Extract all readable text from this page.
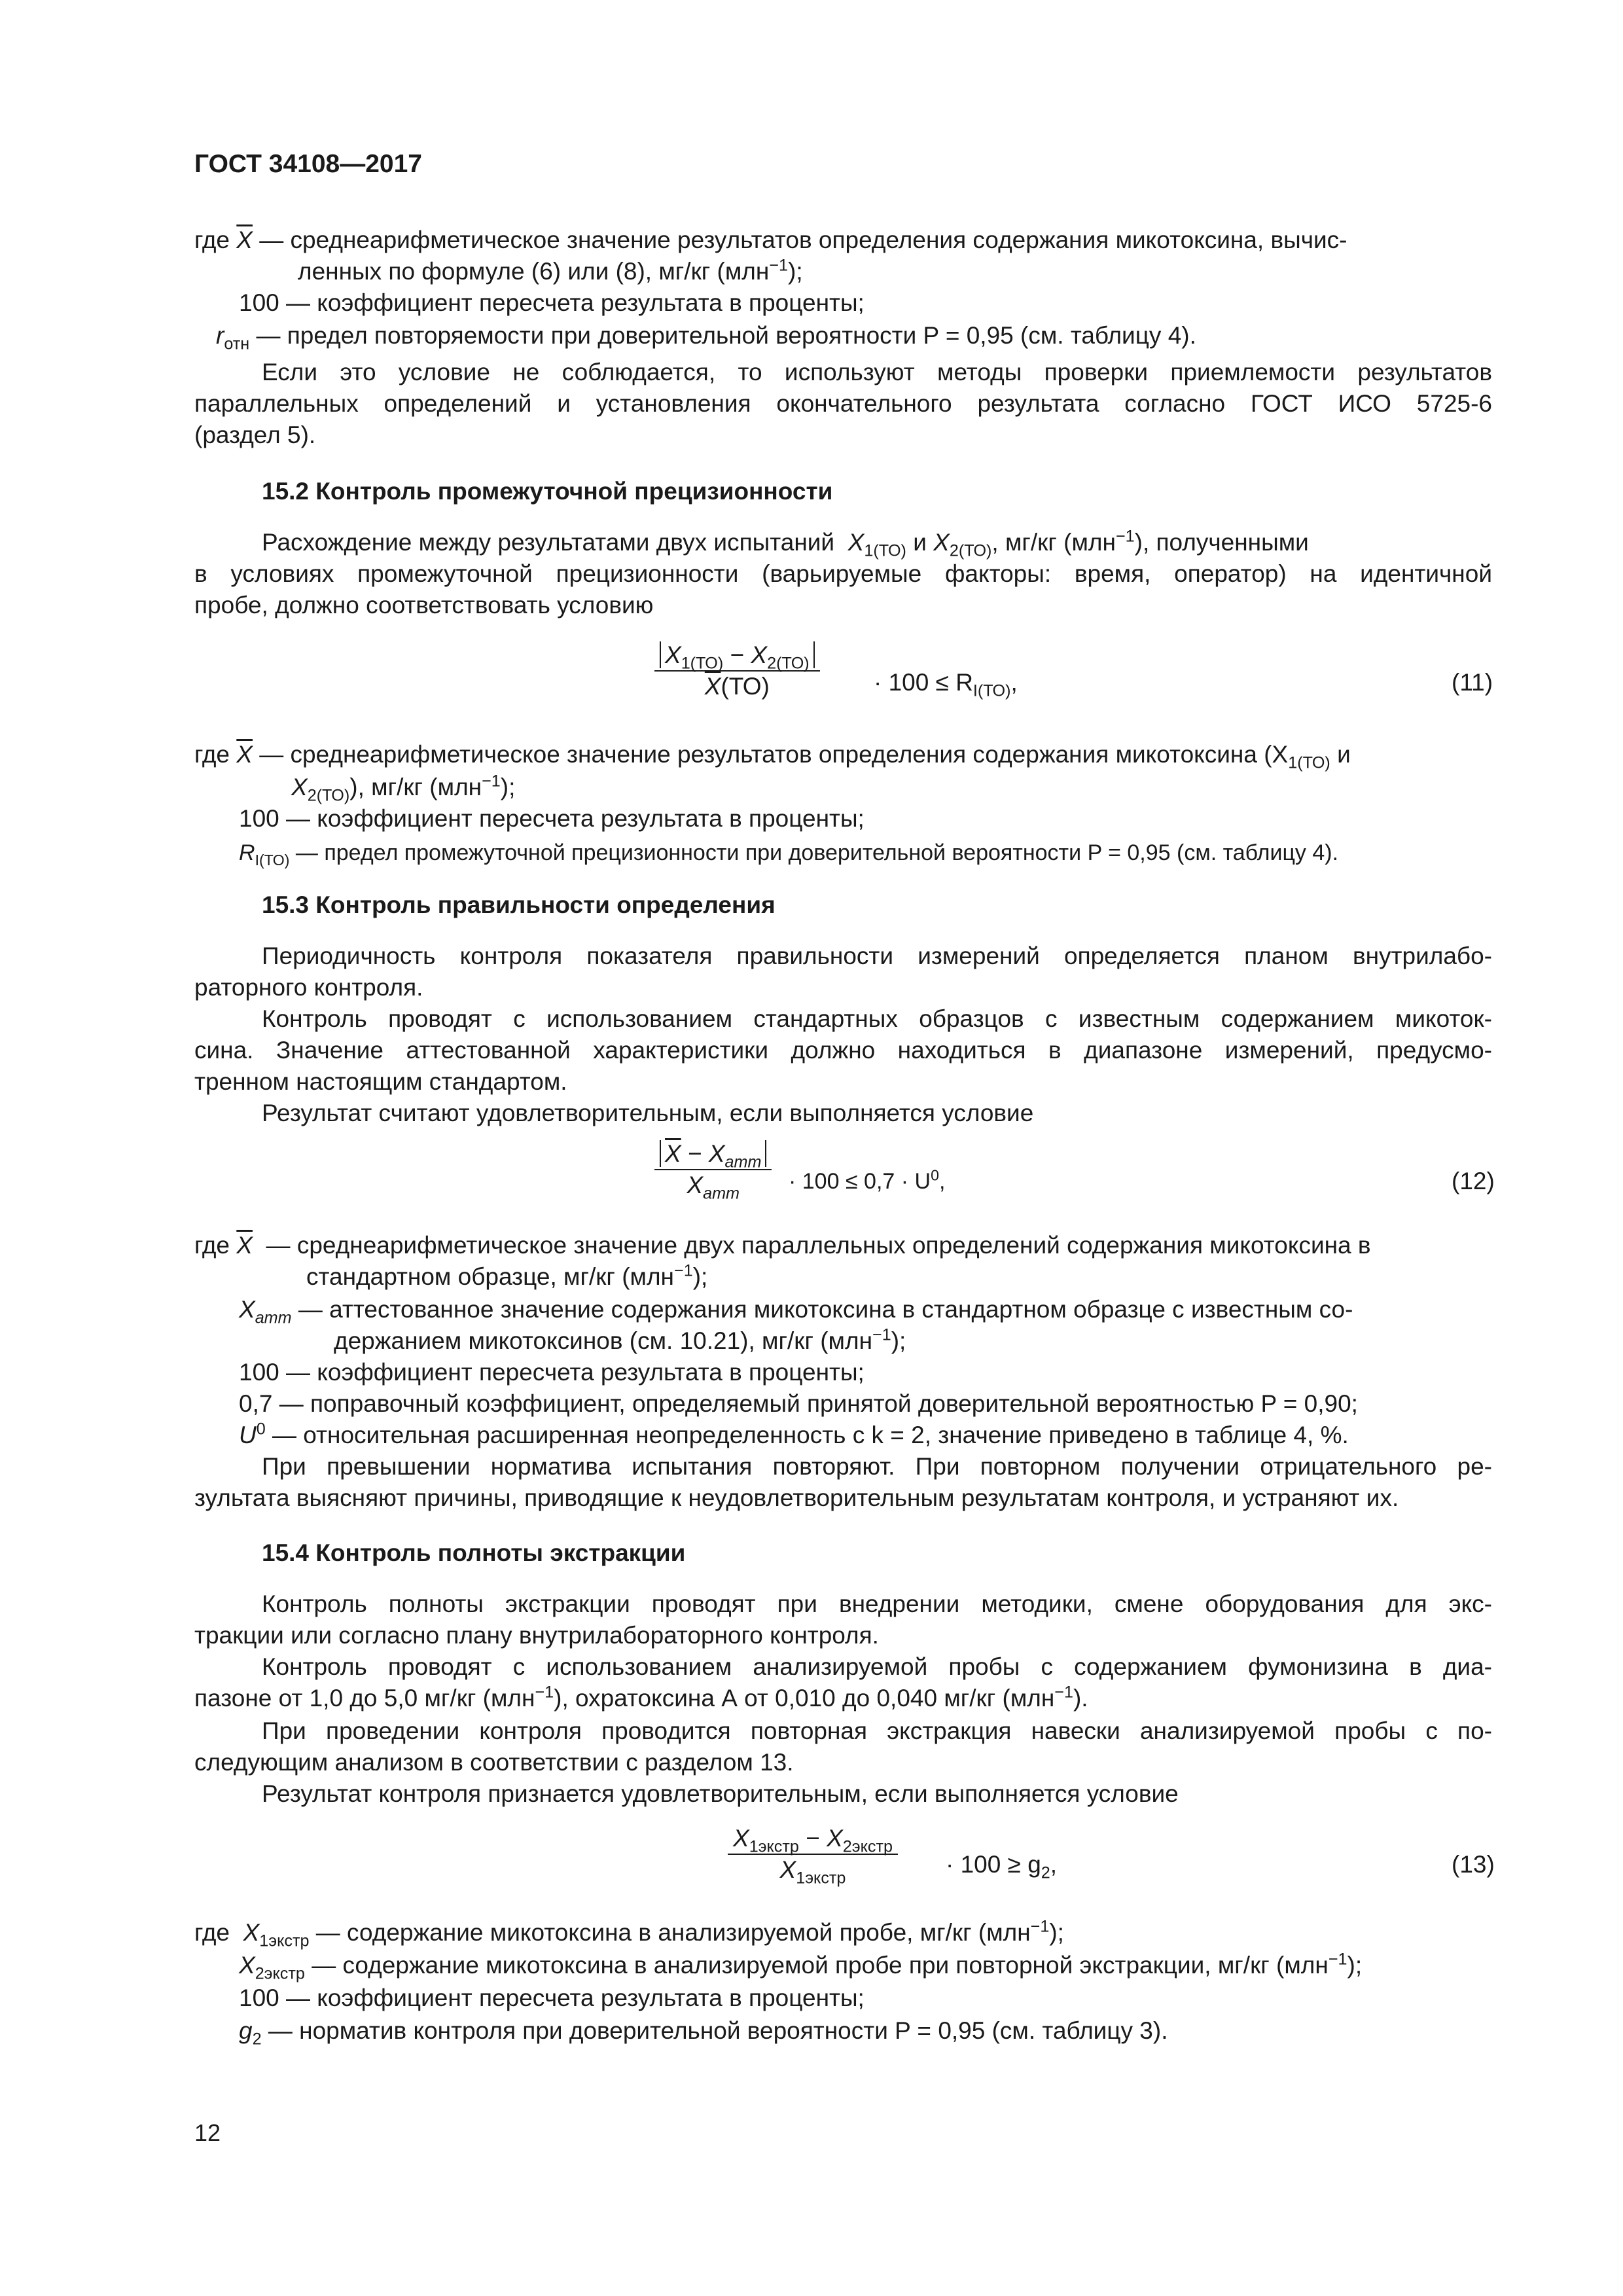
ГОСТ 34108—2017
где $\overline{X}$ — среднеарифметическое значение результатов определения содержания микотоксина, вычис-
ленных по формуле (6) или (8), мг/кг (млн$^{-1}$);
100 — коэффициент пересчета результата в проценты;
$r_{отн}$ — предел повторяемости при доверительной вероятности P = 0,95 (см. таблицу 4).
Если это условие не соблюдается, то используют методы проверки приемлемости результатов
параллельных определений и установления окончательного результата согласно ГОСТ ИСО 5725-6
(раздел 5).
15.2 Контроль промежуточной прецизионности
Расхождение между результатами двух испытаний $X_{1(ТО)}$ и $X_{2(ТО)}$, мг/кг (млн$^{-1}$), полученными
в условиях промежуточной прецизионности (варьируемые факторы: время, оператор) на идентичной
пробе, должно соответствовать условию
$X_{1(ТО)} - X_{2(ТО)}$
$\overline{X}(ТО)$	· $100 \le R_{I(ТО)}$,	(11)
где $\overline{X}$ — среднеарифметическое значение результатов определения содержания микотоксина ($X_{1(ТО)}$ и
$X_{2(ТО)}$), мг/кг (млн$^{-1}$);
100 — коэффициент пересчета результата в проценты;
$R_{I(ТО)}$ — предел промежуточной прецизионности при доверительной вероятности P = 0,95 (см. таблицу 4).
15.3 Контроль правильности определения
Периодичность контроля показателя правильности измерений определяется планом внутрилабо-
раторного контроля.
Контроль проводят с использованием стандартных образцов с известным содержанием микоток-
сина. Значение аттестованной характеристики должно находиться в диапазоне измерений, предусмо-
тренном настоящим стандартом.
Результат считают удовлетворительным, если выполняется условие
$\overline{X} - X_{amm}$
$X_{amm}$	· $100 \le 0,7 \cdot U^0$,	(12)
где $\overline{X}$ — среднеарифметическое значение двух параллельных определений содержания микотоксина в
стандартном образце, мг/кг (млн$^{-1}$);
$X_{amm}$ — аттестованное значение содержания микотоксина в стандартном образце с известным со-
держанием микотоксинов (см. 10.21), мг/кг (млн$^{-1}$);
100 — коэффициент пересчета результата в проценты;
0,7 — поправочный коэффициент, определяемый принятой доверительной вероятностью P = 0,90;
$U^0$ — относительная расширенная неопределенность с k = 2, значение приведено в таблице 4, %.
При превышении норматива испытания повторяют. При повторном получении отрицательного ре-
зультата выясняют причины, приводящие к неудовлетворительным результатам контроля, и устраняют их.
15.4 Контроль полноты экстракции
Контроль полноты экстракции проводят при внедрении методики, смене оборудования для экс-
тракции или согласно плану внутрилабораторного контроля.
Контроль проводят с использованием анализируемой пробы с содержанием фумонизина в диа-
пазоне от 1,0 до 5,0 мг/кг (млн$^{-1}$), охратоксина А от 0,010 до 0,040 мг/кг (млн$^{-1}$).
При проведении контроля проводится повторная экстракция навески анализируемой пробы с по-
следующим анализом в соответствии с разделом 13.
Результат контроля признается удовлетворительным, если выполняется условие
$X_{1экстр} - X_{2экстр}$
$X_{1экстр}$
· $100 \ge g_2$,	(13)
где $X_{1экстр}$ — содержание микотоксина в анализируемой пробе, мг/кг (млн$^{-1}$);
$X_{2экстр}$ — содержание микотоксина в анализируемой пробе при повторной экстракции, мг/кг (млн$^{-1}$);
100 — коэффициент пересчета результата в проценты;
$g_2$ — норматив контроля при доверительной вероятности P = 0,95 (см. таблицу 3).
12
